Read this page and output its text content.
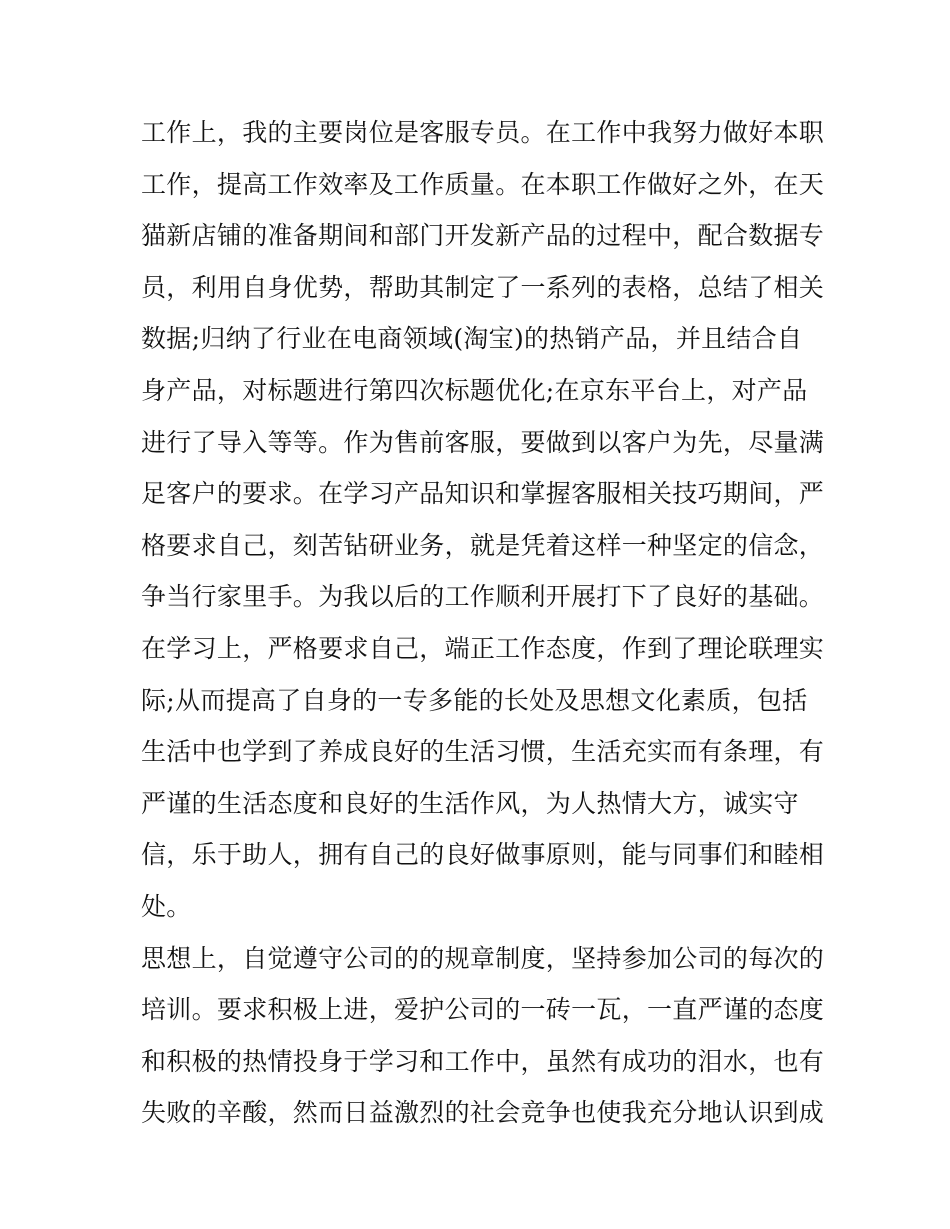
工作上，我的主要岗位是客服专员。在工作中我努力做好本职
工作，提高工作效率及工作质量。在本职工作做好之外，在天
猫新店铺的准备期间和部门开发新产品的过程中，配合数据专
员，利用自身优势，帮助其制定了一系列的表格，总结了相关
数据;归纳了行业在电商领域(淘宝)的热销产品，并且结合自
身产品，对标题进行第四次标题优化;在京东平台上，对产品
进行了导入等等。作为售前客服，要做到以客户为先，尽量满
足客户的要求。在学习产品知识和掌握客服相关技巧期间，严
格要求自己，刻苦钻研业务，就是凭着这样一种坚定的信念，
争当行家里手。为我以后的工作顺利开展打下了良好的基础。
在学习上，严格要求自己，端正工作态度，作到了理论联理实
际;从而提高了自身的一专多能的长处及思想文化素质，包括
生活中也学到了养成良好的生活习惯，生活充实而有条理，有
严谨的生活态度和良好的生活作风，为人热情大方，诚实守
信，乐于助人，拥有自己的良好做事原则，能与同事们和睦相
处。
思想上，自觉遵守公司的的规章制度，坚持参加公司的每次的
培训。要求积极上进，爱护公司的一砖一瓦，一直严谨的态度
和积极的热情投身于学习和工作中，虽然有成功的泪水，也有
失败的辛酸，然而日益激烈的社会竞争也使我充分地认识到成
